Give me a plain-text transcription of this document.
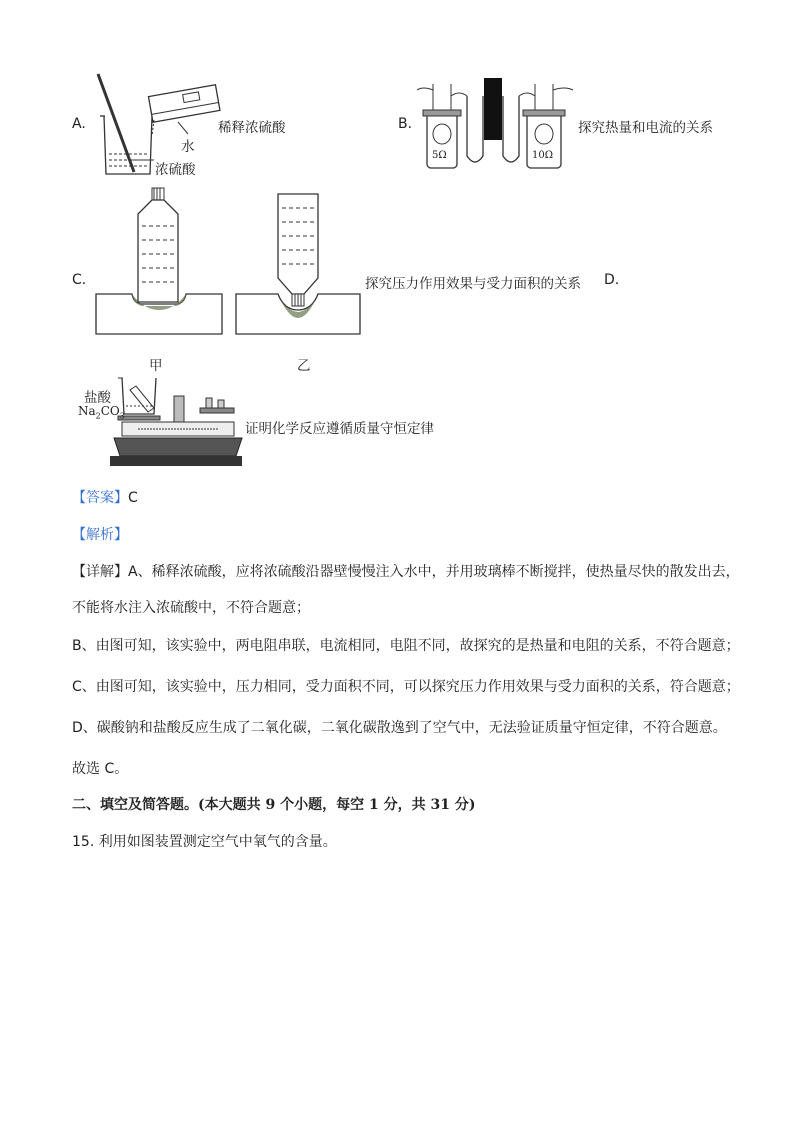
A.	稀释浓硫酸
水
浓硫酸
B.
5Ω	10Ω
探究热量和电流的关系
C.	探究压力作用效果与受力面积的关系
甲	乙
D.
盐酸
$Na_2CO_3$
证明化学反应遵循质量守恒定律
【答案】C
【解析】
【详解】A、稀释浓硫酸，应将浓硫酸沿器壁慢慢注入水中，并用玻璃棒不断搅拌，使热量尽快的散发出去，
不能将水注入浓硫酸中，不符合题意；
B、由图可知，该实验中，两电阻串联，电流相同，电阻不同，故探究的是热量和电阻的关系，不符合题意；
C、由图可知，该实验中，压力相同，受力面积不同，可以探究压力作用效果与受力面积的关系，符合题意；
D、碳酸钠和盐酸反应生成了二氧化碳，二氧化碳散逸到了空气中，无法验证质量守恒定律，不符合题意。
故选 C。
二、填空及简答题。(本大题共 9 个小题，每空 1 分，共 31 分)
15. 利用如图装置测定空气中氧气的含量。
